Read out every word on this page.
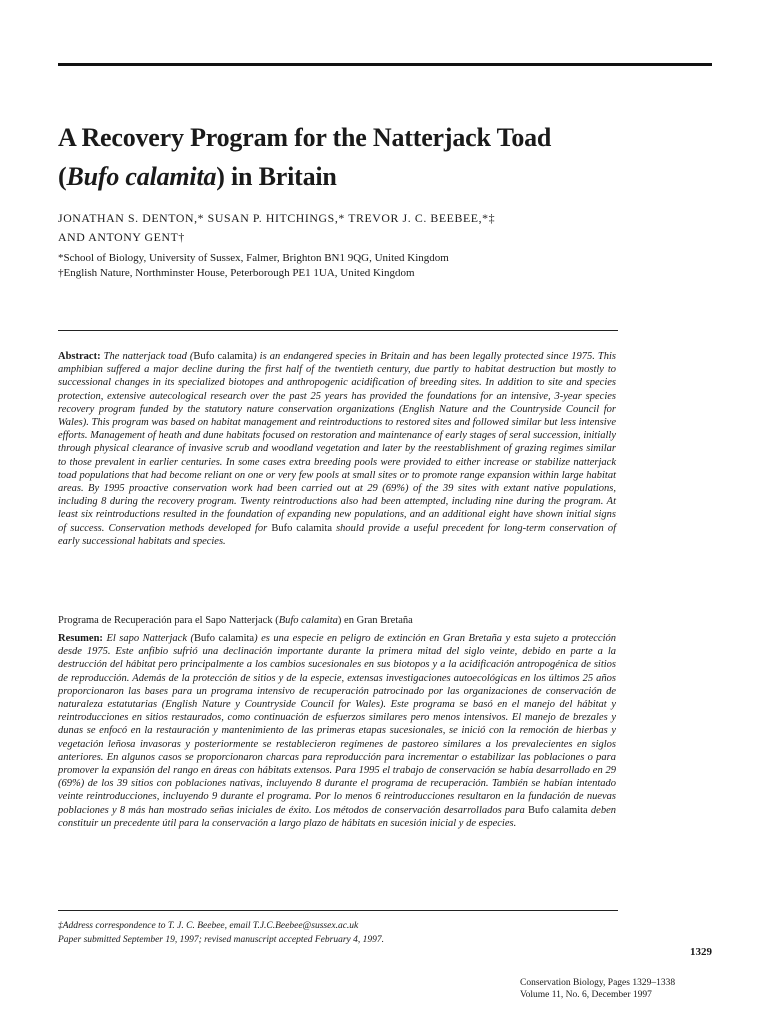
A Recovery Program for the Natterjack Toad
(Bufo calamita) in Britain
JONATHAN S. DENTON,* SUSAN P. HITCHINGS,* TREVOR J. C. BEEBEE,*‡
AND ANTONY GENT†
*School of Biology, University of Sussex, Falmer, Brighton BN1 9QG, United Kingdom
†English Nature, Northminster House, Peterborough PE1 1UA, United Kingdom

Abstract: The natterjack toad (Bufo calamita) is an endangered species in Britain and has been legally protected since 1975. This amphibian suffered a major decline during the first half of the twentieth century, due partly to habitat destruction but mostly to successional changes in its specialized biotopes and anthropogenic acidification of breeding sites. In addition to site and species protection, extensive autecological research over the past 25 years has provided the foundations for an intensive, 3-year species recovery program funded by the statutory nature conservation organizations (English Nature and the Countryside Council for Wales). This program was based on habitat management and reintroductions to restored sites and followed similar but less intensive efforts. Management of heath and dune habitats focused on restoration and maintenance of early stages of seral succession, initially through physical clearance of invasive scrub and woodland vegetation and later by the reestablishment of grazing regimes similar to those prevalent in earlier centuries. In some cases extra breeding pools were provided to either increase or stabilize natterjack toad populations that had become reliant on one or very few pools at small sites or to promote range expansion within large habitat areas. By 1995 proactive conservation work had been carried out at 29 (69%) of the 39 sites with extant native populations, including 8 during the recovery program. Twenty reintroductions also had been attempted, including nine during the program. At least six reintroductions resulted in the foundation of expanding new populations, and an additional eight have shown initial signs of success. Conservation methods developed for Bufo calamita should provide a useful precedent for long-term conservation of early successional habitats and species.

Programa de Recuperación para el Sapo Natterjack (Bufo calamita) en Gran Bretaña

Resumen: El sapo Natterjack (Bufo calamita) es una especie en peligro de extinción en Gran Bretaña y esta sujeto a protección desde 1975. Este anfibio sufrió una declinación importante durante la primera mitad del siglo veinte, debido en parte a la destrucción del hábitat pero principalmente a los cambios sucesionales en sus biotopos y a la acidificación antropogénica de sitios de reproducción. Además de la protección de sitios y de la especie, extensas investigaciones autoecológicas en los últimos 25 años proporcionaron las bases para un programa intensivo de recuperación patrocinado por las organizaciones de conservación de naturaleza estatutarias (English Nature y Countryside Council for Wales). Este programa se basó en el manejo del hábitat y reintroducciones en sitios restaurados, como continuación de esfuerzos similares pero menos intensivos. El manejo de brezales y dunas se enfocó en la restauración y mantenimiento de las primeras etapas sucesionales, se inició con la remoción de hierbas y vegetación leñosa invasoras y posteriormente se restablecieron regímenes de pastoreo similares a los prevalecientes en siglos anteriores. En algunos casos se proporcionaron charcas para reproducción para incrementar o estabilizar las poblaciones o para promover la expansión del rango en áreas con hábitats extensos. Para 1995 el trabajo de conservación se había desarrollado en 29 (69%) de los 39 sitios con poblaciones nativas, incluyendo 8 durante el programa de recuperación. También se habían intentado veinte reintroducciones, incluyendo 9 durante el programa. Por lo menos 6 reintroducciones resultaron en la fundación de nuevas poblaciones y 8 más han mostrado señas iniciales de éxito. Los métodos de conservación desarrollados para Bufo calamita deben constituir un precedente útil para la conservación a largo plazo de hábitats en sucesión inicial y de especies.

‡Address correspondence to T. J. C. Beebee, email T.J.C.Beebee@sussex.ac.uk
Paper submitted September 19, 1997; revised manuscript accepted February 4, 1997.
1329
Conservation Biology, Pages 1329–1338
Volume 11, No. 6, December 1997
